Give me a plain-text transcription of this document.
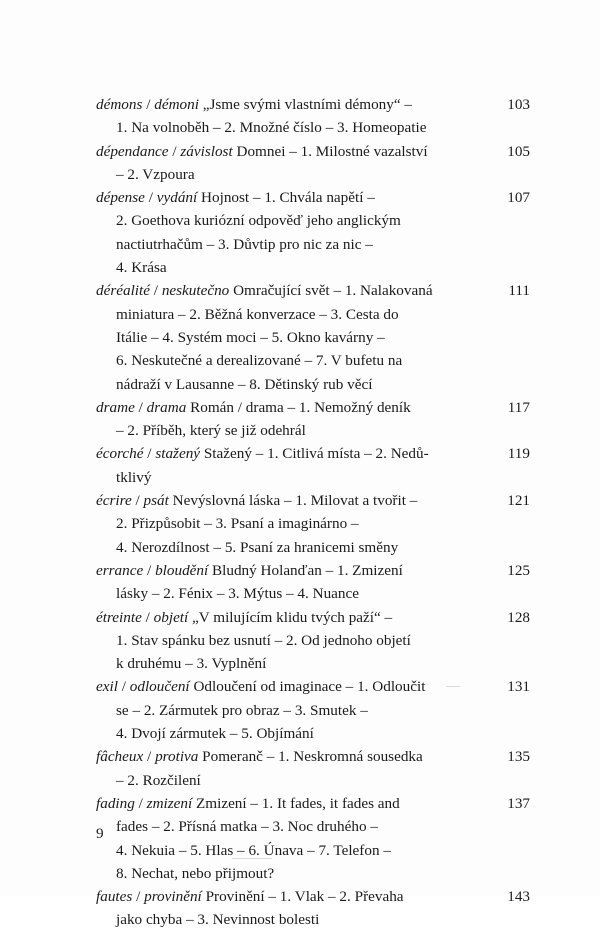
démons / démoni „Jsme svými vlastními démony“ –
1. Na volnoběh – 2. Množné číslo – 3. Homeopatie
103
dépendance / závislost Domnei – 1. Milostné vazalství
– 2. Vzpoura
105
dépense / vydání Hojnost – 1. Chvála napětí –
2. Goethova kuriózní odpověď jeho anglickým
nactiutrhačům – 3. Důvtip pro nic za nic –
4. Krása
107
déréalité / neskutečno Omračující svět – 1. Nalakovaná
miniatura – 2. Běžná konverzace – 3. Cesta do
Itálie – 4. Systém moci – 5. Okno kavárny –
6. Neskutečné a derealizované – 7. V bufetu na
nádraží v Lausanne – 8. Dětinský rub věcí
111
drame / drama Román / drama – 1. Nemožný deník
– 2. Příběh, který se již odehrál
117
écorché / stažený Stažený – 1. Citlivá místa – 2. Nedů-
tklivý
119
écrire / psát Nevýslovná láska – 1. Milovat a tvořit –
2. Přizpůsobit – 3. Psaní a imaginárno –
4. Nerozdílnost – 5. Psaní za hranicemi směny
121
errance / bloudění Bludný Holanďan – 1. Zmizení
lásky – 2. Fénix – 3. Mýtus – 4. Nuance
125
étreinte / objetí „V milujícím klidu tvých paží“ –
1. Stav spánku bez usnutí – 2. Od jednoho objetí
k druhému – 3. Vyplnění
128
exil / odloučení Odloučení od imaginace – 1. Odloučit
se – 2. Zármutek pro obraz – 3. Smutek –
4. Dvojí zármutek – 5. Objímání
131
fâcheux / protiva Pomeranč – 1. Neskromná sousedka
– 2. Rozčilení
135
fading / zmizení Zmizení – 1. It fades, it fades and
fades – 2. Přísná matka – 3. Noc druhého –
4. Nekuia – 5. Hlas – 6. Únava – 7. Telefon –
8. Nechat, nebo přijmout?
137
fautes / provinění Provinění – 1. Vlak – 2. Převaha
jako chyba – 3. Nevinnost bolesti
143
9
